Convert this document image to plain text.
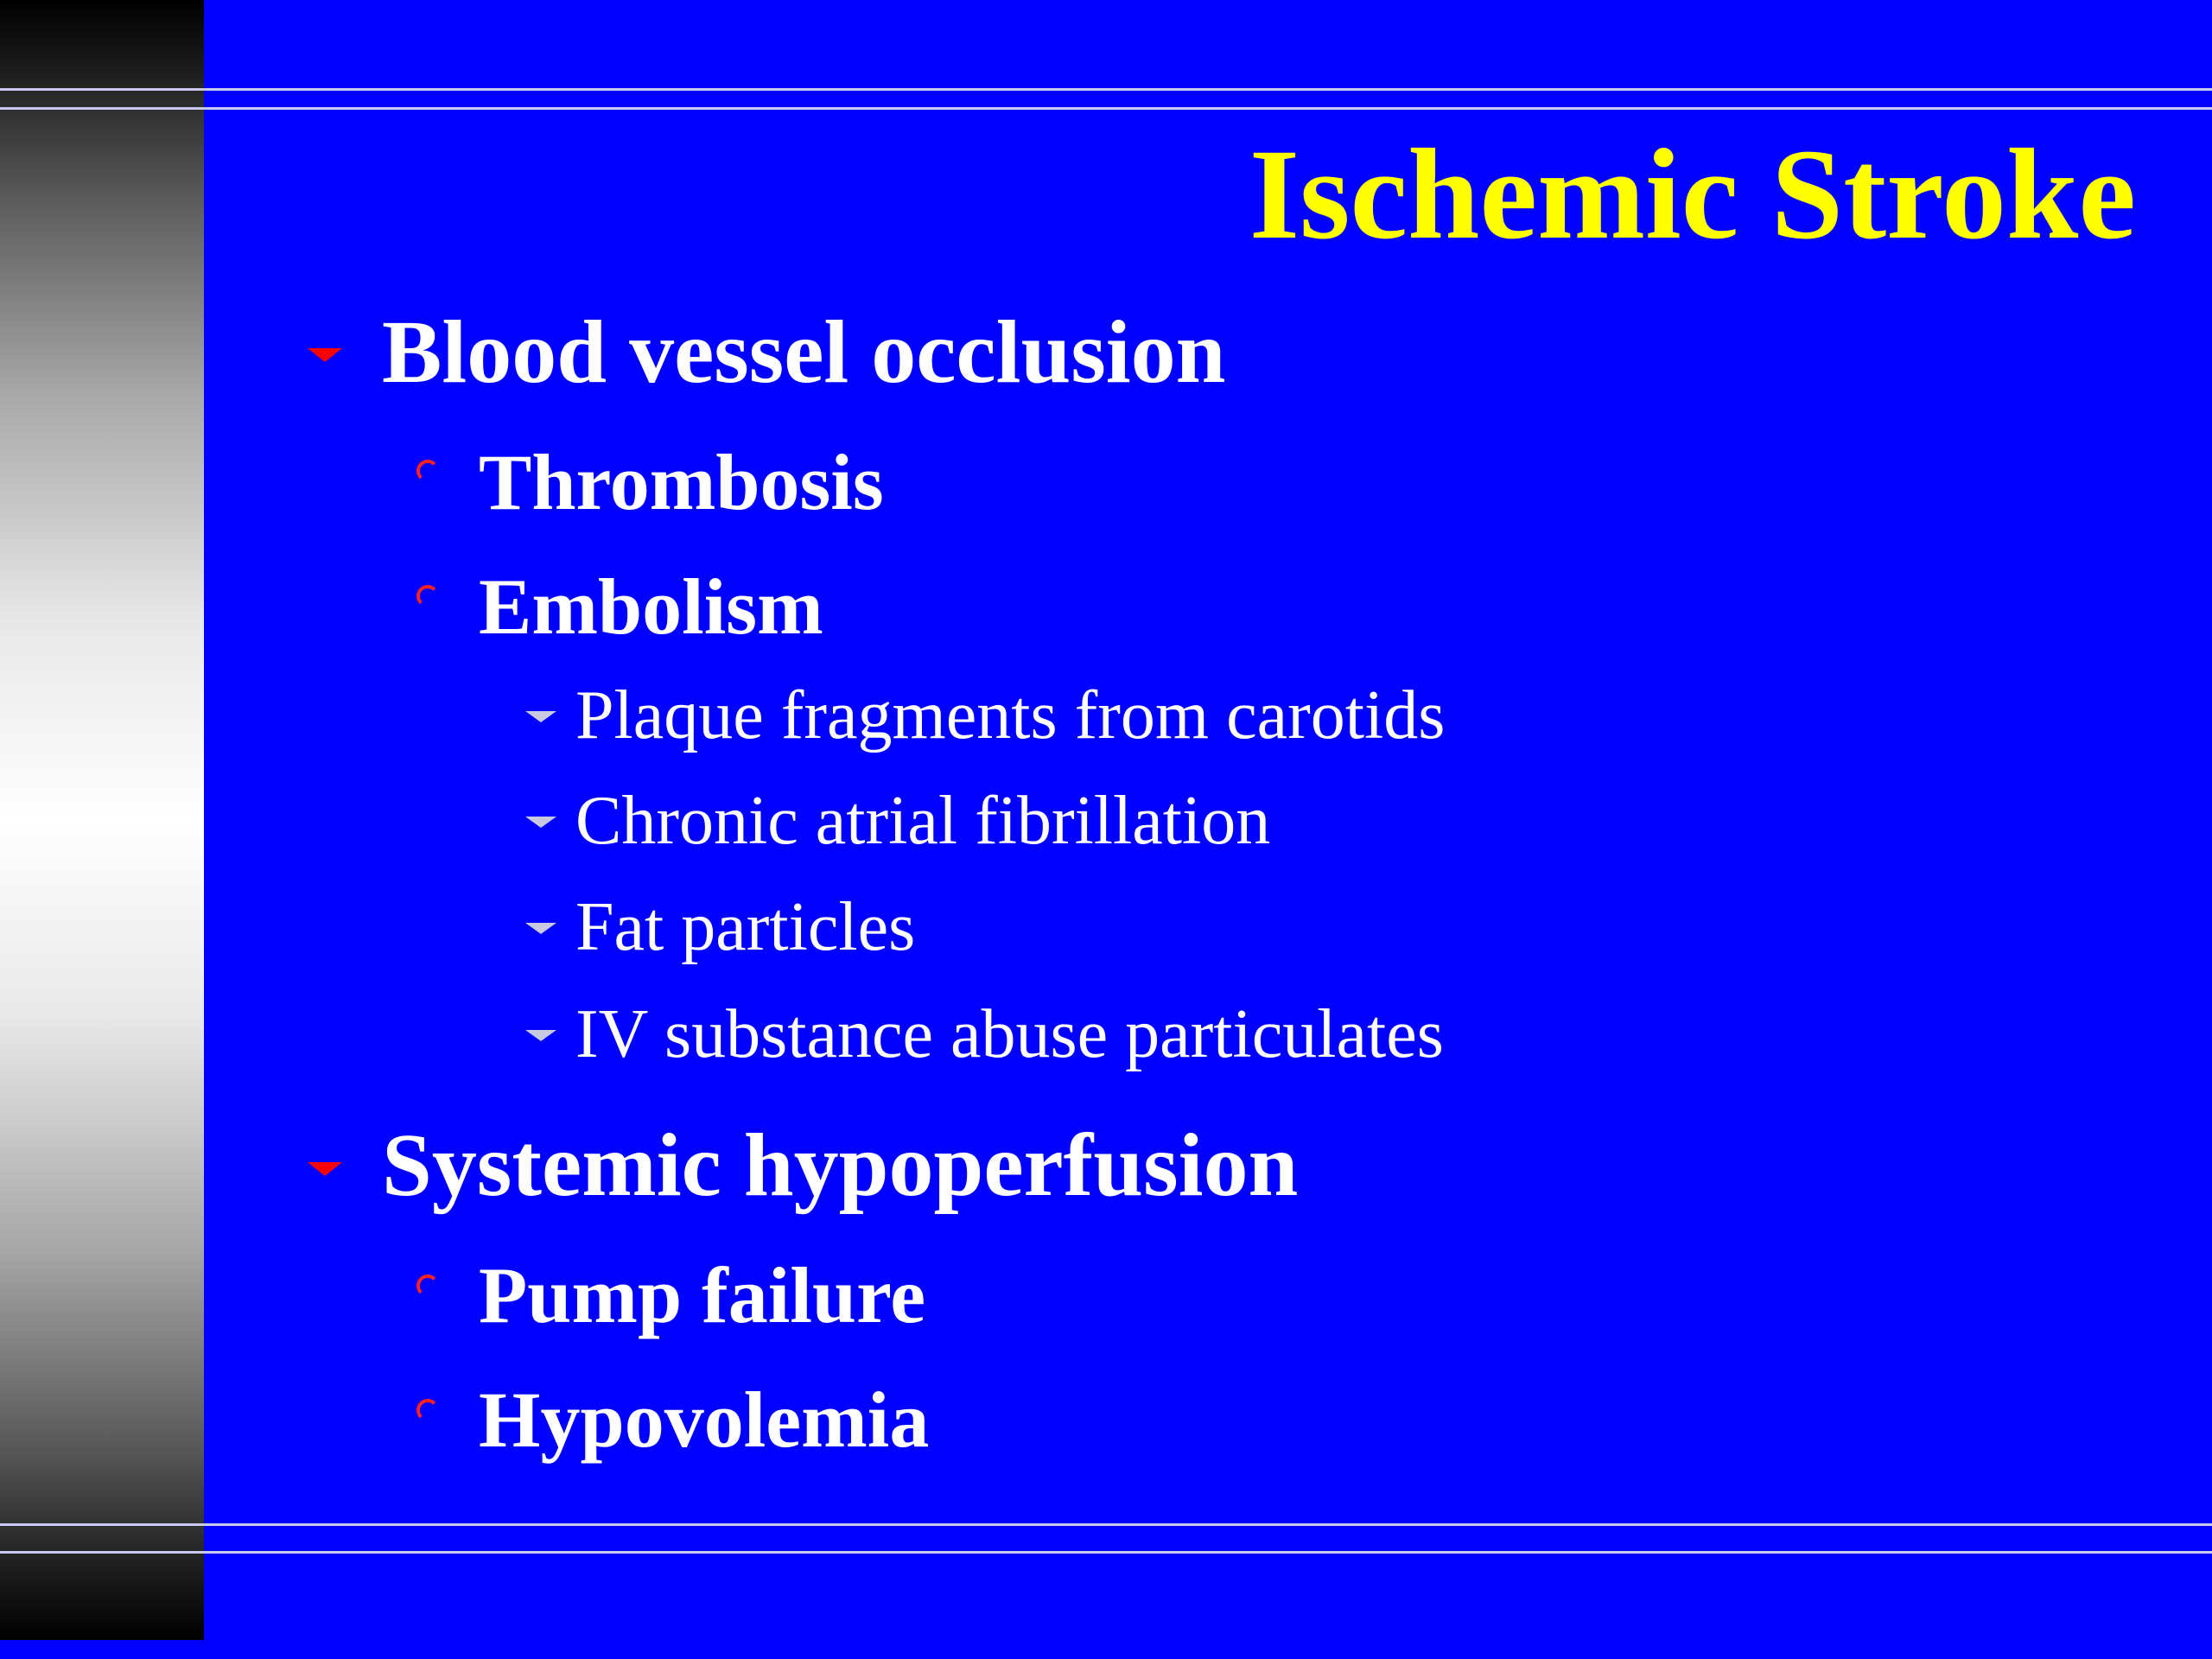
Ischemic Stroke
Blood vessel occlusion
Thrombosis
Embolism
Plaque fragments from carotids
Chronic atrial fibrillation
Fat particles
IV substance abuse particulates
Systemic hypoperfusion
Pump failure
Hypovolemia
